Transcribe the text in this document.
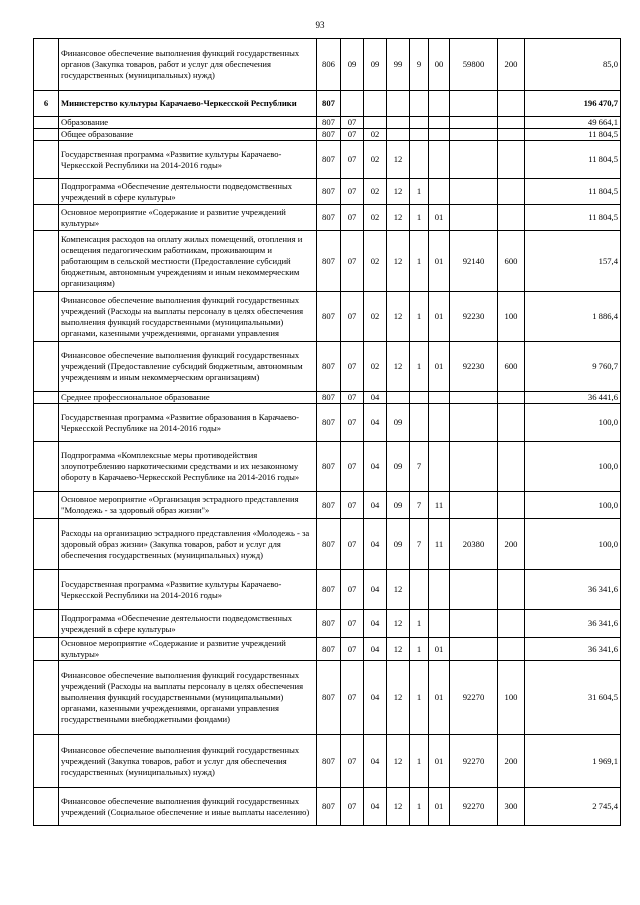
93
	Финансовое обеспечение выполнения функций государственных органов (Закупка товаров, работ и услуг для обеспечения государственных (муниципальных) нужд)	806	09	09	99	9	00	59800	200	85,0
6	Министерство культуры Карачаево-Черкесской Республики	807								196 470,7
	Образование	807	07							49 664,1
	Общее образование	807	07	02						11 804,5
	Государственная программа «Развитие культуры Карачаево-Черкесской Республики на 2014-2016 годы»	807	07	02	12					11 804,5
	Подпрограмма «Обеспечение деятельности подведомственных учреждений в сфере культуры»	807	07	02	12	1				11 804,5
	Основное мероприятие «Содержание и развитие учреждений культуры»	807	07	02	12	1	01			11 804,5
	Компенсация расходов на оплату жилых помещений, отопления и освещения педагогическим работникам, проживающим и работающим в сельской местности (Предоставление субсидий бюджетным, автономным учреждениям и иным некоммерческим организациям)	807	07	02	12	1	01	92140	600	157,4
	Финансовое обеспечение выполнения функций государственных учреждений (Расходы на выплаты персоналу в целях обеспечения выполнения функций государственными (муниципальными) органами, казенными учреждениями, органами управления	807	07	02	12	1	01	92230	100	1 886,4
	Финансовое обеспечение выполнения функций государственных учреждений (Предоставление субсидий бюджетным, автономным учреждениям и иным некоммерческим организациям)	807	07	02	12	1	01	92230	600	9 760,7
	Среднее профессиональное образование	807	07	04						36 441,6
	Государственная программа «Развитие образования в Карачаево-Черкесской Республике на 2014-2016 годы»	807	07	04	09					100,0
	Подпрограмма «Комплексные меры противодействия злоупотреблению наркотическими средствами и их незаконному обороту в Карачаево-Черкесской Республике на 2014-2016 годы»	807	07	04	09	7				100,0
	Основное мероприятие «Организация эстрадного представления "Молодежь - за здоровый образ жизни"»	807	07	04	09	7	11			100,0
	Расходы на организацию эстрадного представления «Молодежь - за здоровый образ жизни» (Закупка товаров, работ и услуг для обеспечения государственных (муниципальных) нужд)	807	07	04	09	7	11	20380	200	100,0
	Государственная программа «Развитие культуры Карачаево-Черкесской Республики на 2014-2016 годы»	807	07	04	12					36 341,6
	Подпрограмма «Обеспечение деятельности подведомственных учреждений в сфере культуры»	807	07	04	12	1				36 341,6
	Основное мероприятие «Содержание и развитие учреждений культуры»	807	07	04	12	1	01			36 341,6
	Финансовое обеспечение выполнения функций государственных учреждений (Расходы на выплаты персоналу в целях обеспечения выполнения функций государственными (муниципальными) органами, казенными учреждениями, органами управления государственными внебюджетными фондами)	807	07	04	12	1	01	92270	100	31 604,5
	Финансовое обеспечение выполнения функций государственных учреждений (Закупка товаров, работ и услуг для обеспечения государственных (муниципальных) нужд)	807	07	04	12	1	01	92270	200	1 969,1
	Финансовое обеспечение выполнения функций государственных учреждений (Социальное обеспечение и иные выплаты населению)	807	07	04	12	1	01	92270	300	2 745,4
